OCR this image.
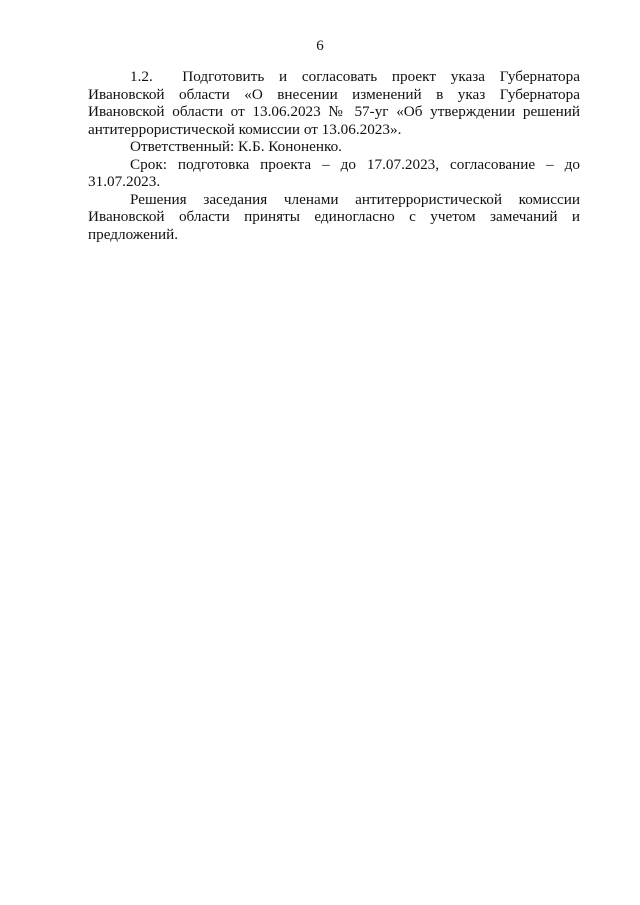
6

1.2.  Подготовить и согласовать проект указа Губернатора Ивановской области «О внесении изменений в указ Губернатора Ивановской области от 13.06.2023 № 57-уг «Об утверждении решений антитеррористической комиссии от 13.06.2023».

Ответственный: К.Б. Кононенко.

Срок: подготовка проекта – до 17.07.2023, согласование – до 31.07.2023.

Решения заседания членами антитеррористической комиссии Ивановской области приняты единогласно с учетом замечаний и предложений.
